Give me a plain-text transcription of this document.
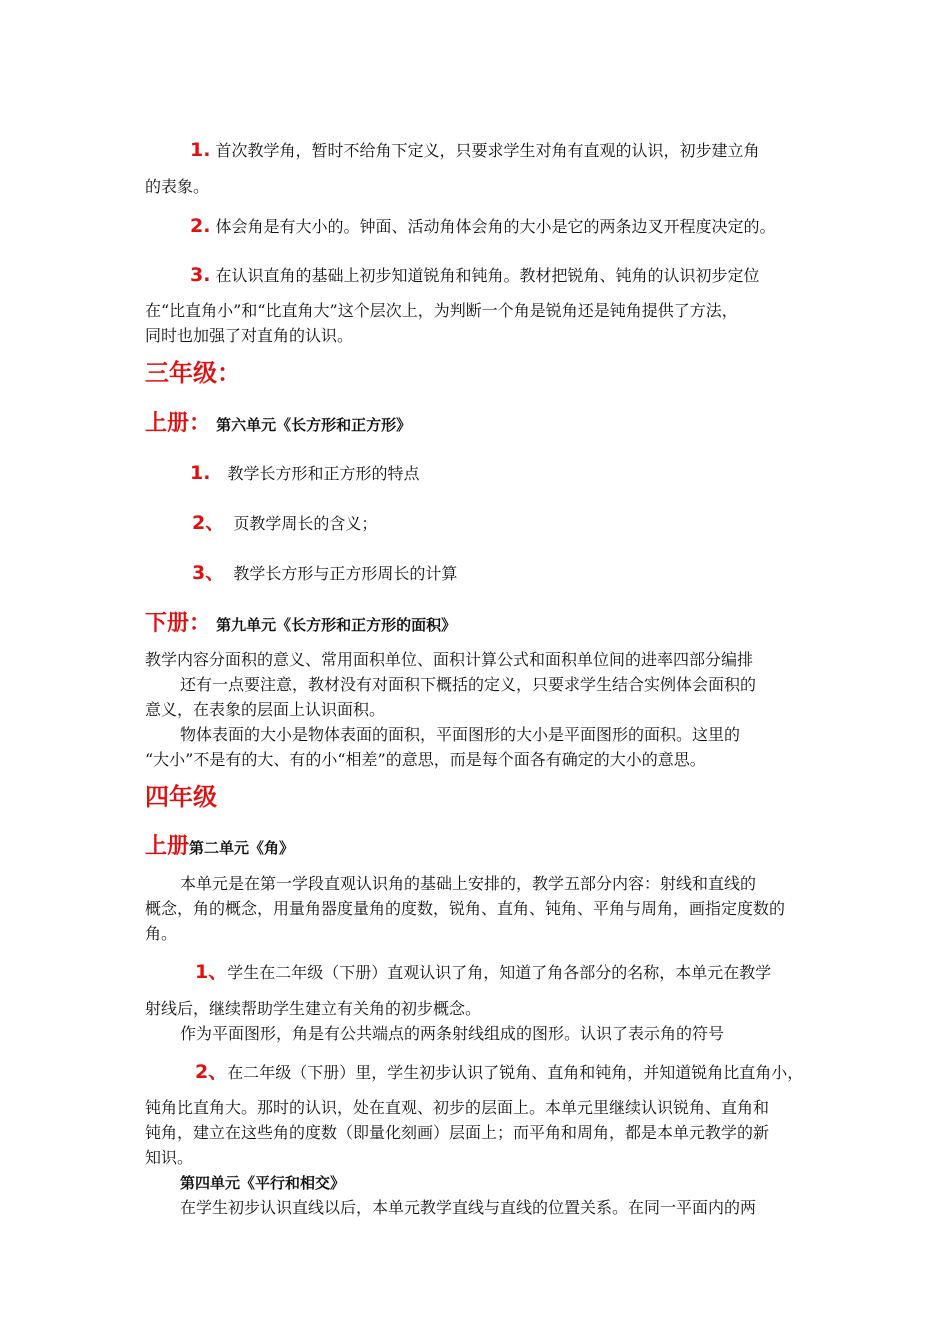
1. 首次教学角，暂时不给角下定义，只要求学生对角有直观的认识，初步建立角
的表象。
2. 体会角是有大小的。钟面、活动角体会角的大小是它的两条边叉开程度决定的。
3. 在认识直角的基础上初步知道锐角和钝角。教材把锐角、钝角的认识初步定位
在“比直角小”和“比直角大”这个层次上，为判断一个角是锐角还是钝角提供了方法，
同时也加强了对直角的认识。
三年级：
上册： 第六单元《长方形和正方形》
1. 教学长方形和正方形的特点
2、 页教学周长的含义；
3、 教学长方形与正方形周长的计算
下册： 第九单元《长方形和正方形的面积》
教学内容分面积的意义、常用面积单位、面积计算公式和面积单位间的进率四部分编排
还有一点要注意，教材没有对面积下概括的定义，只要求学生结合实例体会面积的
意义，在表象的层面上认识面积。
物体表面的大小是物体表面的面积，平面图形的大小是平面图形的面积。这里的
“大小”不是有的大、有的小“相差”的意思，而是每个面各有确定的大小的意思。
四年级
上册第二单元《角》
本单元是在第一学段直观认识角的基础上安排的，教学五部分内容：射线和直线的
概念，角的概念，用量角器度量角的度数，锐角、直角、钝角、平角与周角，画指定度数的
角。
1、学生在二年级（下册）直观认识了角，知道了角各部分的名称，本单元在教学
射线后，继续帮助学生建立有关角的初步概念。
作为平面图形，角是有公共端点的两条射线组成的图形。认识了表示角的符号
2、在二年级（下册）里，学生初步认识了锐角、直角和钝角，并知道锐角比直角小，
钝角比直角大。那时的认识，处在直观、初步的层面上。本单元里继续认识锐角、直角和
钝角，建立在这些角的度数（即量化刻画）层面上；而平角和周角，都是本单元教学的新
知识。
第四单元《平行和相交》
在学生初步认识直线以后，本单元教学直线与直线的位置关系。在同一平面内的两
